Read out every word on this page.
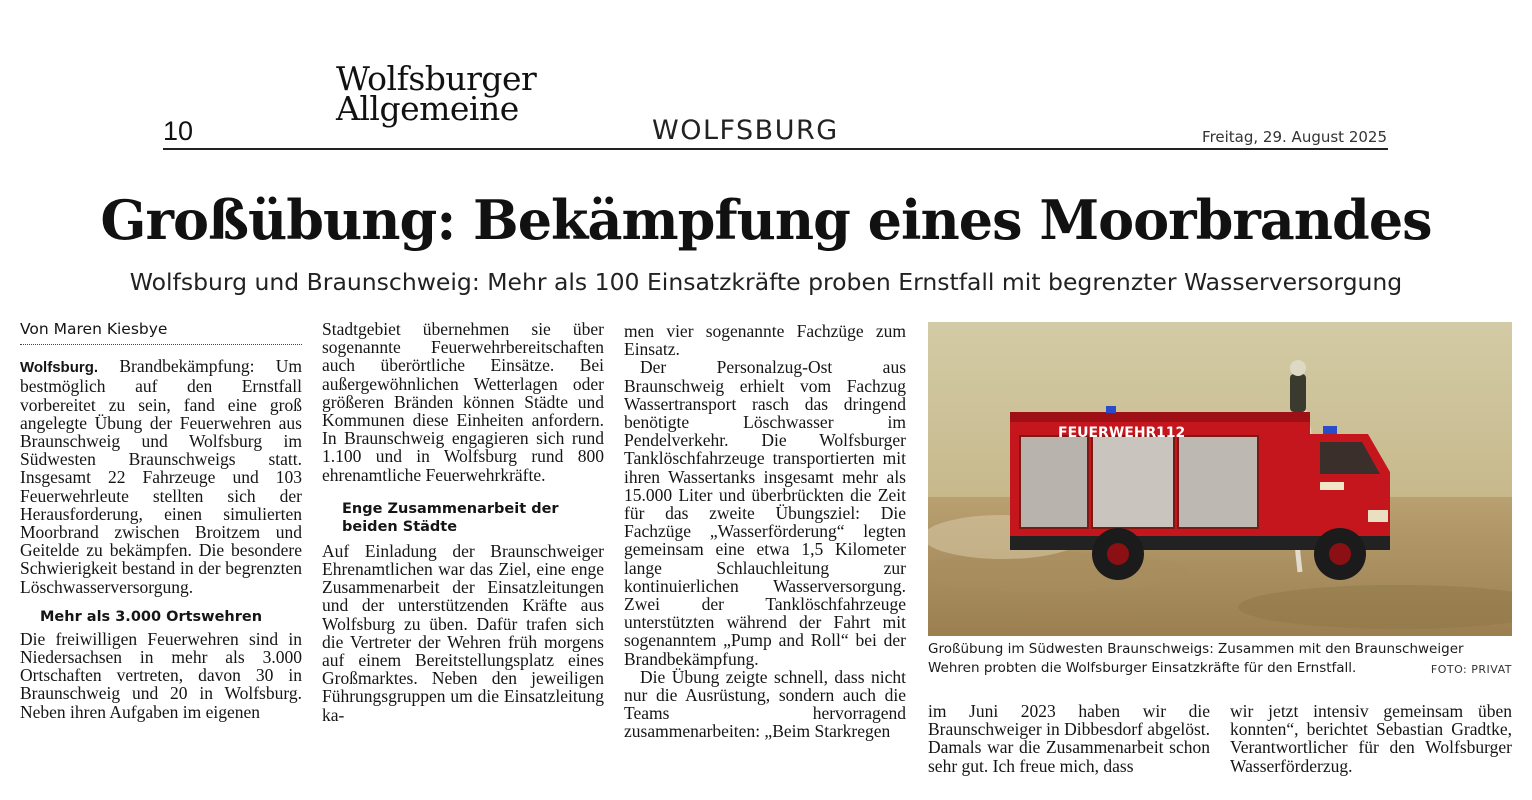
Wolfsburger
Allgemeine
10	WOLFSBURG	Freitag, 29. August 2025
Großübung: Bekämpfung eines Moorbrandes
Wolfsburg und Braunschweig: Mehr als 100 Einsatzkräfte proben Ernstfall mit begrenzter Wasserversorgung
Von Maren Kiesbye

Wolfsburg. Brandbekämpfung: Um bestmöglich auf den Ernstfall vorbereitet zu sein, fand eine groß angelegte Übung der Feuerwehren aus Braunschweig und Wolfsburg im Südwesten Braunschweigs statt. Insgesamt 22 Fahrzeuge und 103 Feuerwehrleute stellten sich der Herausforderung, einen simulierten Moorbrand zwischen Broitzem und Geitelde zu bekämpfen. Die besondere Schwierigkeit bestand in der begrenzten Löschwasserversorgung.

Mehr als 3.000 Ortswehren

Die freiwilligen Feuerwehren sind in Niedersachsen in mehr als 3.000 Ortschaften vertreten, davon 30 in Braunschweig und 20 in Wolfsburg. Neben ihren Aufgaben im eigenen

Stadtgebiet übernehmen sie über sogenannte Feuerwehrbereitschaften auch überörtliche Einsätze. Bei außergewöhnlichen Wetterlagen oder größeren Bränden können Städte und Kommunen diese Einheiten anfordern. In Braunschweig engagieren sich rund 1.100 und in Wolfsburg rund 800 ehrenamtliche Feuerwehrkräfte.

Enge Zusammenarbeit der beiden Städte

Auf Einladung der Braunschweiger Ehrenamtlichen war das Ziel, eine enge Zusammenarbeit der Einsatzleitungen und der unterstützenden Kräfte aus Wolfsburg zu üben. Dafür trafen sich die Vertreter der Wehren früh morgens auf einem Bereitstellungsplatz eines Großmarktes. Neben den jeweiligen Führungsgruppen um die Einsatzleitung ka-

men vier sogenannte Fachzüge zum Einsatz.

Der Personalzug-Ost aus Braunschweig erhielt vom Fachzug Wassertransport rasch das dringend benötigte Löschwasser im Pendelverkehr. Die Wolfsburger Tanklöschfahrzeuge transportierten mit ihren Wassertanks insgesamt mehr als 15.000 Liter und überbrückten die Zeit für das zweite Übungsziel: Die Fachzüge „Wasserförderung“ legten gemeinsam eine etwa 1,5 Kilometer lange Schlauchleitung zur kontinuierlichen Wasserversorgung. Zwei der Tanklöschfahrzeuge unterstützten während der Fahrt mit sogenanntem „Pump and Roll“ bei der Brandbekämpfung.

Die Übung zeigte schnell, dass nicht nur die Ausrüstung, sondern auch die Teams hervorragend zusammenarbeiten: „Beim Starkregen

FEUERWEHR 112
Großübung im Südwesten Braunschweigs: Zusammen mit den Braunschweiger Wehren probten die Wolfsburger Einsatzkräfte für den Ernstfall.	FOTO: PRIVAT

im Juni 2023 haben wir die Braunschweiger in Dibbesdorf abgelöst. Damals war die Zusammenarbeit schon sehr gut. Ich freue mich, dass

wir jetzt intensiv gemeinsam üben konnten“, berichtet Sebastian Gradtke, Verantwortlicher für den Wolfsburger Wasserförderzug.
